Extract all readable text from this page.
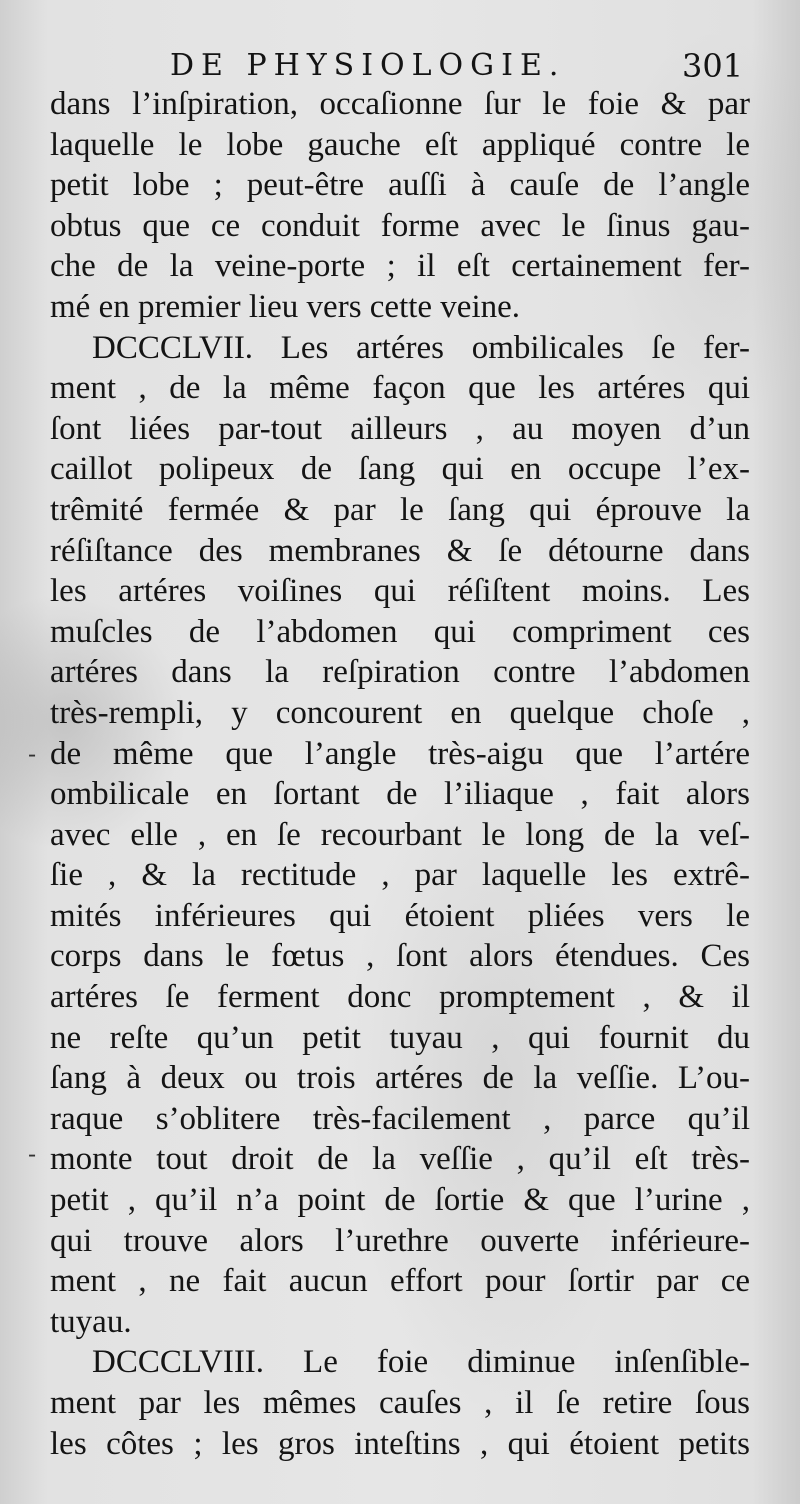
DE PHYSIOLOGIE.	301
dans l’inſpiration, occaſionne ſur le foie & par
laquelle le lobe gauche eſt appliqué contre le
petit lobe ; peut-être auſſi à cauſe de l’angle
obtus que ce conduit forme avec le ſinus gau-
che de la veine-porte ; il eſt certainement fer-
mé en premier lieu vers cette veine.
DCCCLVII. Les artéres ombilicales ſe fer-
ment , de la même façon que les artéres qui
ſont liées par-tout ailleurs , au moyen d’un
caillot polipeux de ſang qui en occupe l’ex-
trêmité fermée & par le ſang qui éprouve la
réſiſtance des membranes & ſe détourne dans
les artéres voiſines qui réſiſtent moins. Les
muſcles de l’abdomen qui compriment ces
artéres dans la reſpiration contre l’abdomen
très-rempli, y concourent en quelque choſe ,
de même que l’angle très-aigu que l’artére
ombilicale en ſortant de l’iliaque , fait alors
avec elle , en ſe recourbant le long de la veſ-
ſie , & la rectitude , par laquelle les extrê-
mités inférieures qui étoient pliées vers le
corps dans le fœtus , ſont alors étendues. Ces
artéres ſe ferment donc promptement , & il
ne reſte qu’un petit tuyau , qui fournit du
ſang à deux ou trois artéres de la veſſie. L’ou-
raque s’oblitere très-facilement , parce qu’il
monte tout droit de la veſſie , qu’il eſt très-
petit , qu’il n’a point de ſortie & que l’urine ,
qui trouve alors l’urethre ouverte inférieure-
ment , ne fait aucun effort pour ſortir par ce
tuyau.
DCCCLVIII. Le foie diminue inſenſible-
ment par les mêmes cauſes , il ſe retire ſous
les côtes ; les gros inteſtins , qui étoient petits
-
-
